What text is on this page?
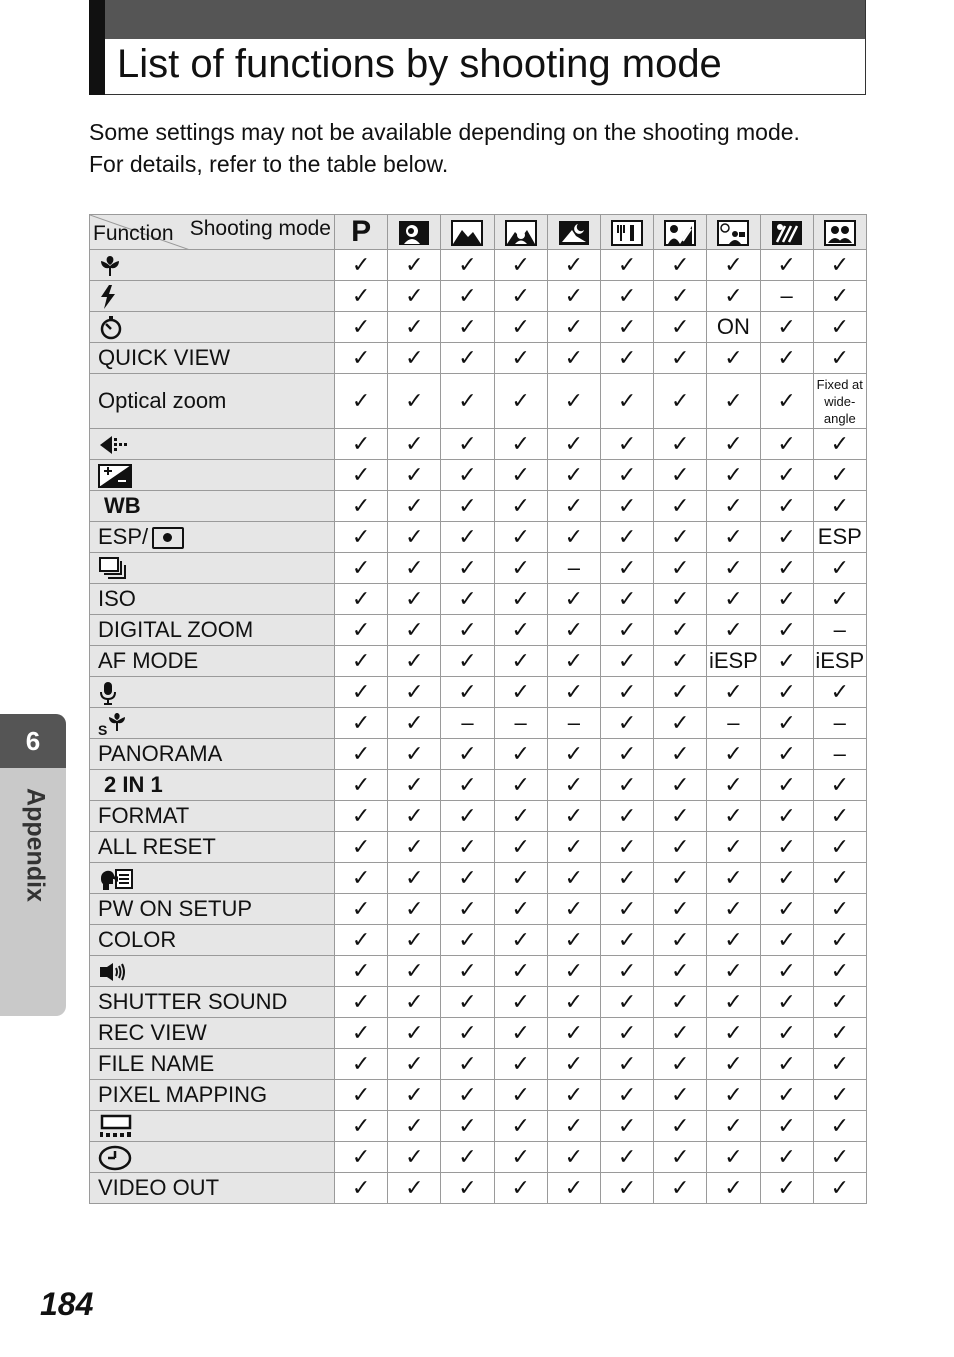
List of functions by shooting mode
Some settings may not be available depending on the shooting mode.
For details, refer to the table below.
Shooting mode
Function	P									
	✓	✓	✓	✓	✓	✓	✓	✓	✓	✓
	✓	✓	✓	✓	✓	✓	✓	✓	–	✓
	✓	✓	✓	✓	✓	✓	✓	ON	✓	✓
QUICK VIEW	✓	✓	✓	✓	✓	✓	✓	✓	✓	✓
Optical zoom	✓	✓	✓	✓	✓	✓	✓	✓	✓	Fixed at wide-angle
	✓	✓	✓	✓	✓	✓	✓	✓	✓	✓
	✓	✓	✓	✓	✓	✓	✓	✓	✓	✓
WB	✓	✓	✓	✓	✓	✓	✓	✓	✓	✓
ESP/	✓	✓	✓	✓	✓	✓	✓	✓	✓	ESP
	✓	✓	✓	✓	–	✓	✓	✓	✓	✓
ISO	✓	✓	✓	✓	✓	✓	✓	✓	✓	✓
DIGITAL ZOOM	✓	✓	✓	✓	✓	✓	✓	✓	✓	–
AF MODE	✓	✓	✓	✓	✓	✓	✓	iESP	✓	iESP
	✓	✓	✓	✓	✓	✓	✓	✓	✓	✓

S	✓	✓	–	–	–	✓	✓	–	✓	–
PANORAMA	✓	✓	✓	✓	✓	✓	✓	✓	✓	–
2 IN 1	✓	✓	✓	✓	✓	✓	✓	✓	✓	✓
FORMAT	✓	✓	✓	✓	✓	✓	✓	✓	✓	✓
ALL RESET	✓	✓	✓	✓	✓	✓	✓	✓	✓	✓
	✓	✓	✓	✓	✓	✓	✓	✓	✓	✓
PW ON SETUP	✓	✓	✓	✓	✓	✓	✓	✓	✓	✓
COLOR	✓	✓	✓	✓	✓	✓	✓	✓	✓	✓
	✓	✓	✓	✓	✓	✓	✓	✓	✓	✓
SHUTTER SOUND	✓	✓	✓	✓	✓	✓	✓	✓	✓	✓
REC VIEW	✓	✓	✓	✓	✓	✓	✓	✓	✓	✓
FILE NAME	✓	✓	✓	✓	✓	✓	✓	✓	✓	✓
PIXEL MAPPING	✓	✓	✓	✓	✓	✓	✓	✓	✓	✓
	✓	✓	✓	✓	✓	✓	✓	✓	✓	✓
	✓	✓	✓	✓	✓	✓	✓	✓	✓	✓
VIDEO OUT	✓	✓	✓	✓	✓	✓	✓	✓	✓	✓
6
Appendix
184
